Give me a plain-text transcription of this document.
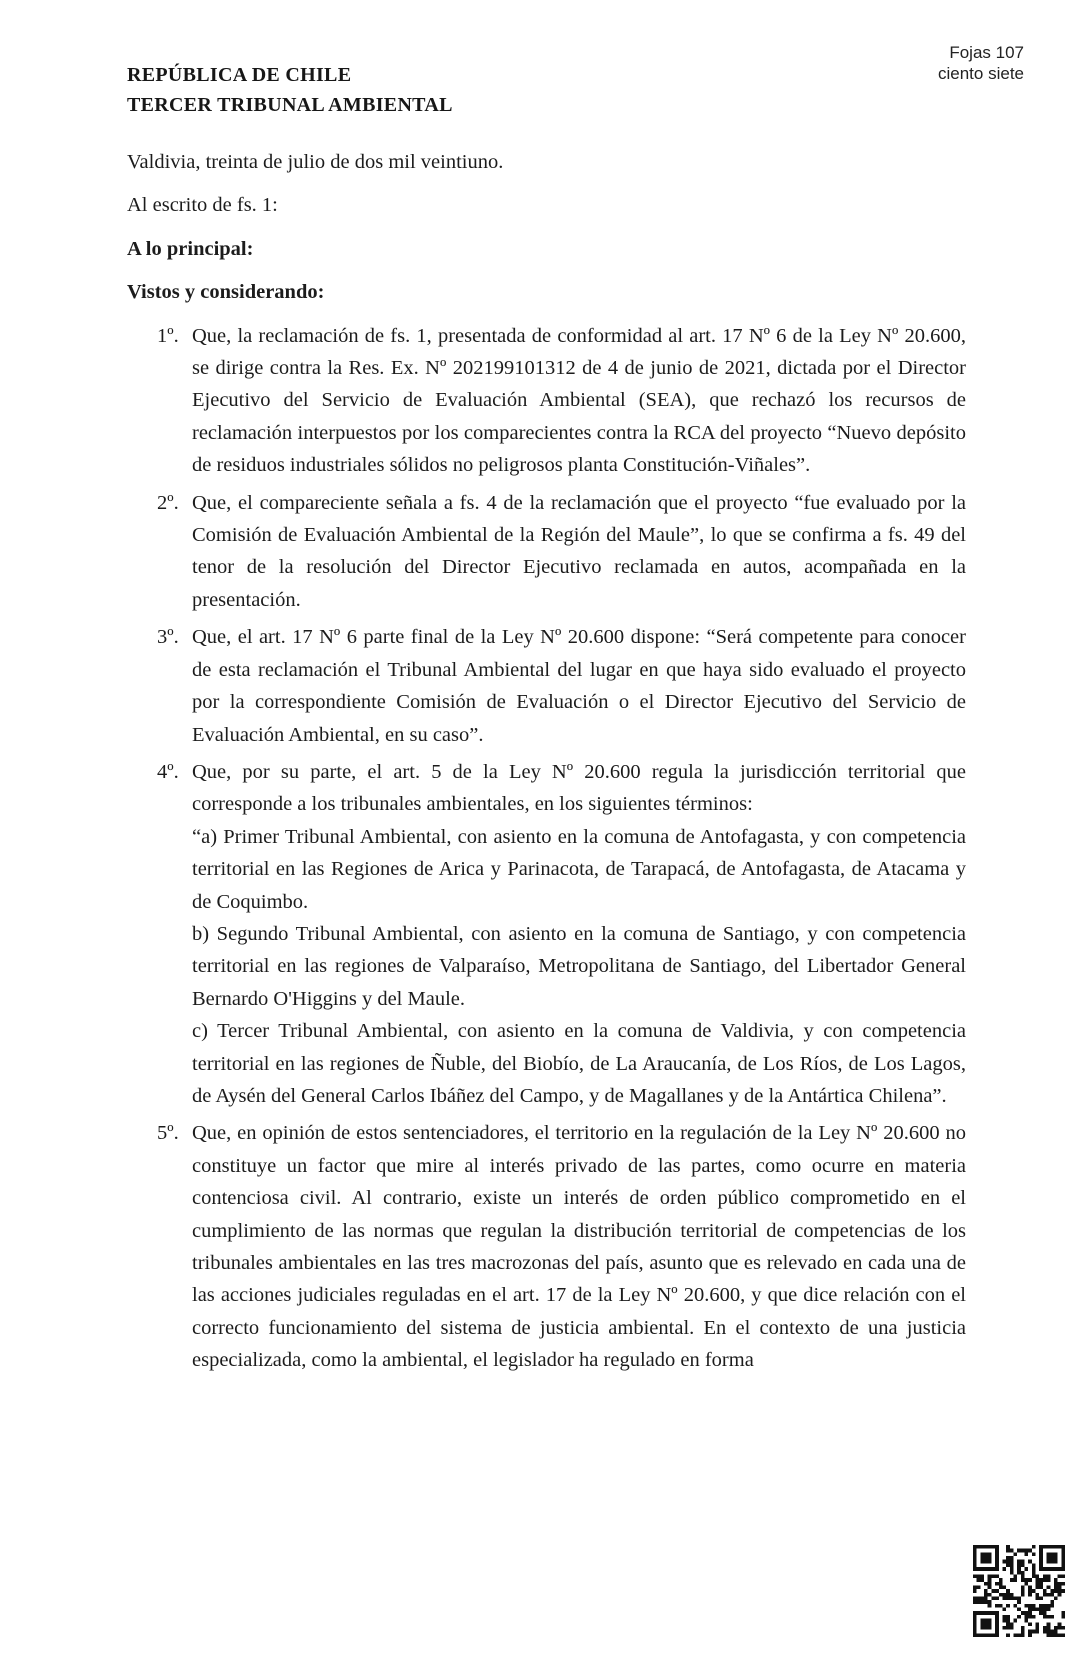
Fojas 107
ciento siete
REPÚBLICA DE CHILE
TERCER TRIBUNAL AMBIENTAL

Valdivia, treinta de julio de dos mil veintiuno.

Al escrito de fs. 1:

A lo principal:

Vistos y considerando:

1º. Que, la reclamación de fs. 1, presentada de conformidad al art. 17 Nº 6 de la Ley Nº 20.600, se dirige contra la Res. Ex. Nº 202199101312 de 4 de junio de 2021, dictada por el Director Ejecutivo del Servicio de Evaluación Ambiental (SEA), que rechazó los recursos de reclamación interpuestos por los comparecientes contra la RCA del proyecto “Nuevo depósito de residuos industriales sólidos no peligrosos planta Constitución-Viñales”.

2º. Que, el compareciente señala a fs. 4 de la reclamación que el proyecto “fue evaluado por la Comisión de Evaluación Ambiental de la Región del Maule”, lo que se confirma a fs. 49 del tenor de la resolución del Director Ejecutivo reclamada en autos, acompañada en la presentación.

3º. Que, el art. 17 Nº 6 parte final de la Ley Nº 20.600 dispone: “Será competente para conocer de esta reclamación el Tribunal Ambiental del lugar en que haya sido evaluado el proyecto por la correspondiente Comisión de Evaluación o el Director Ejecutivo del Servicio de Evaluación Ambiental, en su caso”.

4º. Que, por su parte, el art. 5 de la Ley Nº 20.600 regula la jurisdicción territorial que corresponde a los tribunales ambientales, en los siguientes términos:

“a) Primer Tribunal Ambiental, con asiento en la comuna de Antofagasta, y con competencia territorial en las Regiones de Arica y Parinacota, de Tarapacá, de Antofagasta, de Atacama y de Coquimbo.

b) Segundo Tribunal Ambiental, con asiento en la comuna de Santiago, y con competencia territorial en las regiones de Valparaíso, Metropolitana de Santiago, del Libertador General Bernardo O'Higgins y del Maule.

c) Tercer Tribunal Ambiental, con asiento en la comuna de Valdivia, y con competencia territorial en las regiones de Ñuble, del Biobío, de La Araucanía, de Los Ríos, de Los Lagos, de Aysén del General Carlos Ibáñez del Campo, y de Magallanes y de la Antártica Chilena”.

5º. Que, en opinión de estos sentenciadores, el territorio en la regulación de la Ley Nº 20.600 no constituye un factor que mire al interés privado de las partes, como ocurre en materia contenciosa civil. Al contrario, existe un interés de orden público comprometido en el cumplimiento de las normas que regulan la distribución territorial de competencias de los tribunales ambientales en las tres macrozonas del país, asunto que es relevado en cada una de las acciones judiciales reguladas en el art. 17 de la Ley Nº 20.600, y que dice relación con el correcto funcionamiento del sistema de justicia ambiental. En el contexto de una justicia especializada, como la ambiental, el legislador ha regulado en forma
